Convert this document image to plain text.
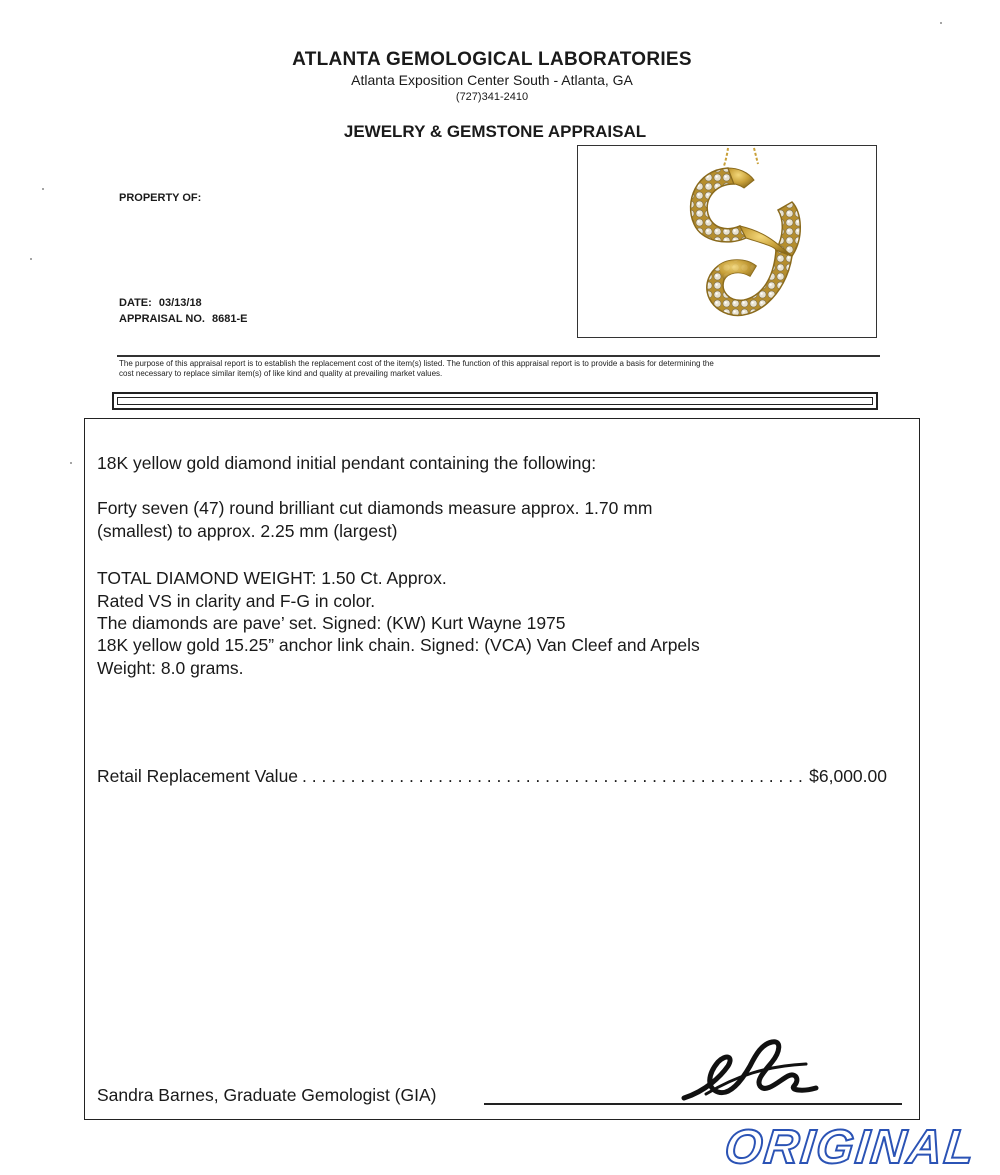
ATLANTA GEMOLOGICAL LABORATORIES
Atlanta Exposition Center South - Atlanta, GA
(727)341-2410
JEWELRY & GEMSTONE APPRAISAL
PROPERTY OF:
DATE: 03/13/18
APPRAISAL NO. 8681-E
The purpose of this appraisal report is to establish the replacement cost of the item(s) listed. The function of this appraisal report is to provide a basis for determining the
cost necessary to replace similar item(s) of like kind and quality at prevailing market values.
18K yellow gold diamond initial pendant containing the following:
Forty seven (47) round brilliant cut diamonds measure approx. 1.70 mm
(smallest) to approx. 2.25 mm (largest)
TOTAL DIAMOND WEIGHT: 1.50 Ct. Approx.
Rated VS in clarity and F-G in color.
The diamonds are pave’ set. Signed: (KW) Kurt Wayne 1975
18K yellow gold 15.25” anchor link chain. Signed: (VCA) Van Cleef and Arpels
Weight: 8.0 grams.
Retail Replacement Value
. . .	$6,000.00
Sandra Barnes, Graduate Gemologist (GIA)
ORIGINAL
